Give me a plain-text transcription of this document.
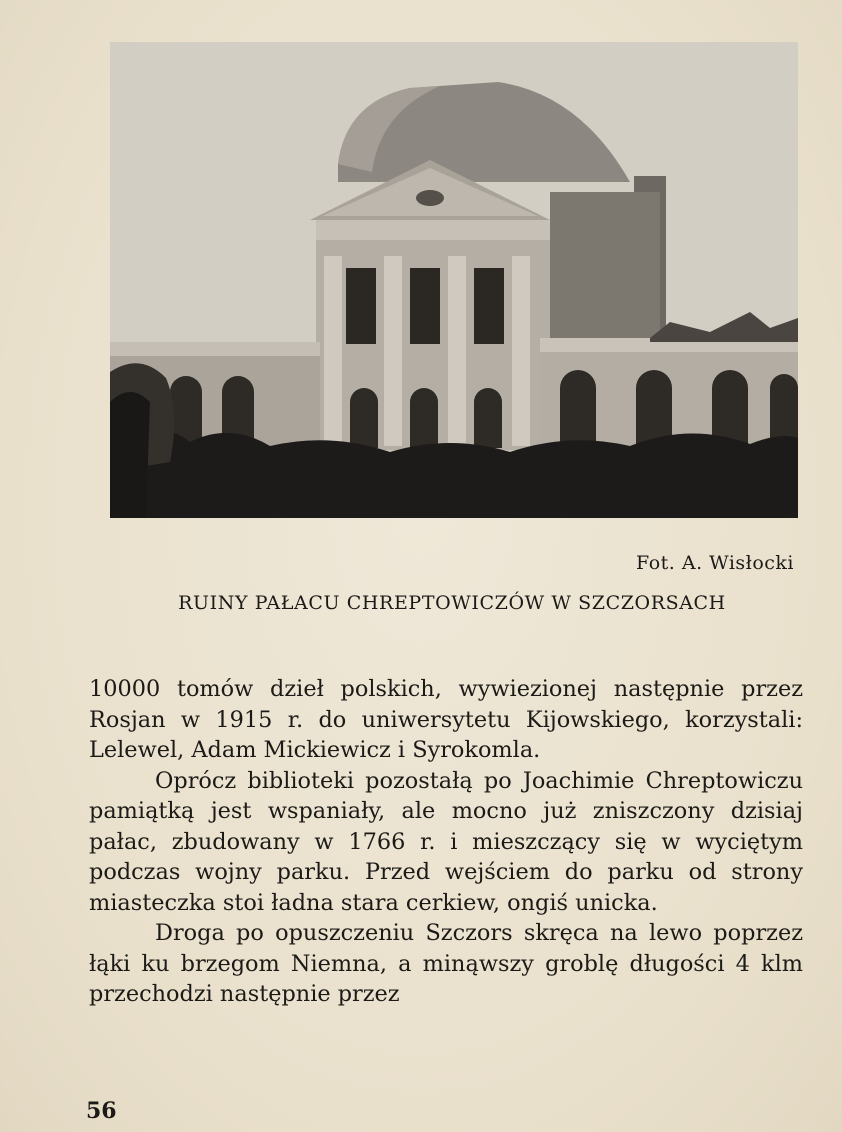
Fot. A. Wisłocki
RUINY PAŁACU CHREPTOWICZÓW W SZCZORSACH

10000 tomów dzieł polskich, wywiezionej następnie przez Rosjan w 1915 r. do uniwersytetu Kijowskiego, korzystali: Lelewel, Adam Mickiewicz i Syrokomla.

Oprócz biblioteki pozostałą po Joachimie Chreptowiczu pamiątką jest wspaniały, ale mocno już zniszczony dzisiaj pałac, zbudowany w 1766 r. i mieszczący się w wyciętym podczas wojny parku. Przed wejściem do parku od strony miasteczka stoi ładna stara cerkiew, ongiś unicka.

Droga po opuszczeniu Szczors skręca na lewo poprzez łąki ku brzegom Niemna, a minąwszy groblę długości 4 klm przechodzi następnie przez

56
